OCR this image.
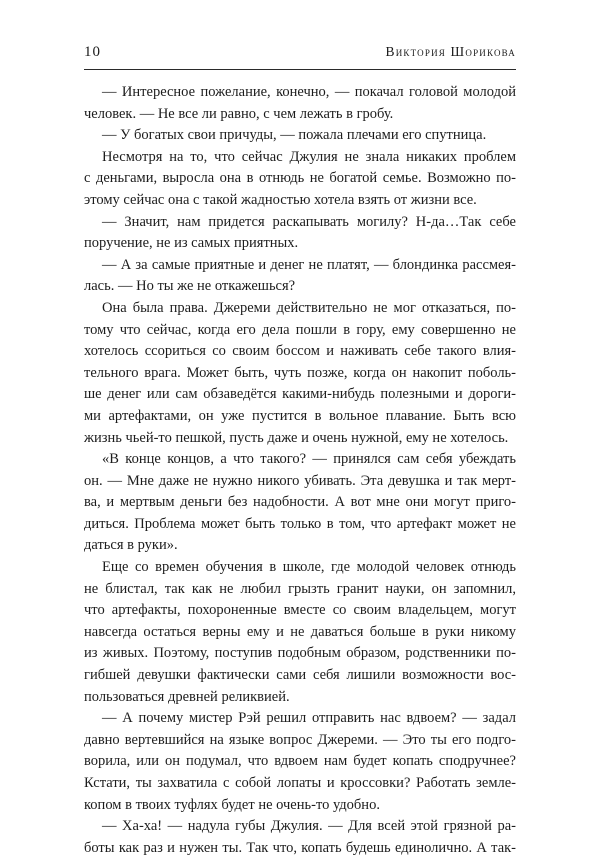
10	Виктория Шорикова
— Интересное пожелание, конечно, — покачал головой молодой
человек. — Не все ли равно, с чем лежать в гробу.
— У богатых свои причуды, — пожала плечами его спутница.
Несмотря на то, что сейчас Джулия не знала никаких проблем
с деньгами, выросла она в отнюдь не богатой семье. Возможно по-
этому сейчас она с такой жадностью хотела взять от жизни все.
— Значит, нам придется раскапывать могилу? Н-да…Так себе
поручение, не из самых приятных.
— А за самые приятные и денег не платят, — блондинка рассмея-
лась. — Но ты же не откажешься?
Она была права. Джереми действительно не мог отказаться, по-
тому что сейчас, когда его дела пошли в гору, ему совершенно не
хотелось ссориться со своим боссом и наживать себе такого влия-
тельного врага. Может быть, чуть позже, когда он накопит поболь-
ше денег или сам обзаведётся какими-нибудь полезными и дороги-
ми артефактами, он уже пустится в вольное плавание. Быть всю
жизнь чьей-то пешкой, пусть даже и очень нужной, ему не хотелось.
«В конце концов, а что такого? — принялся сам себя убеждать
он. — Мне даже не нужно никого убивать. Эта девушка и так мерт-
ва, и мертвым деньги без надобности. А вот мне они могут приго-
диться. Проблема может быть только в том, что артефакт может не
даться в руки».
Еще со времен обучения в школе, где молодой человек отнюдь
не блистал, так как не любил грызть гранит науки, он запомнил,
что артефакты, похороненные вместе со своим владельцем, могут
навсегда остаться верны ему и не даваться больше в руки никому
из живых. Поэтому, поступив подобным образом, родственники по-
гибшей девушки фактически сами себя лишили возможности вос-
пользоваться древней реликвией.
— А почему мистер Рэй решил отправить нас вдвоем? — задал
давно вертевшийся на языке вопрос Джереми. — Это ты его подго-
ворила, или он подумал, что вдвоем нам будет копать сподручнее?
Кстати, ты захватила с собой лопаты и кроссовки? Работать земле-
копом в твоих туфлях будет не очень-то удобно.
— Ха-ха! — надула губы Джулия. — Для всей этой грязной ра-
боты как раз и нужен ты. Так что, копать будешь единолично. А так-
